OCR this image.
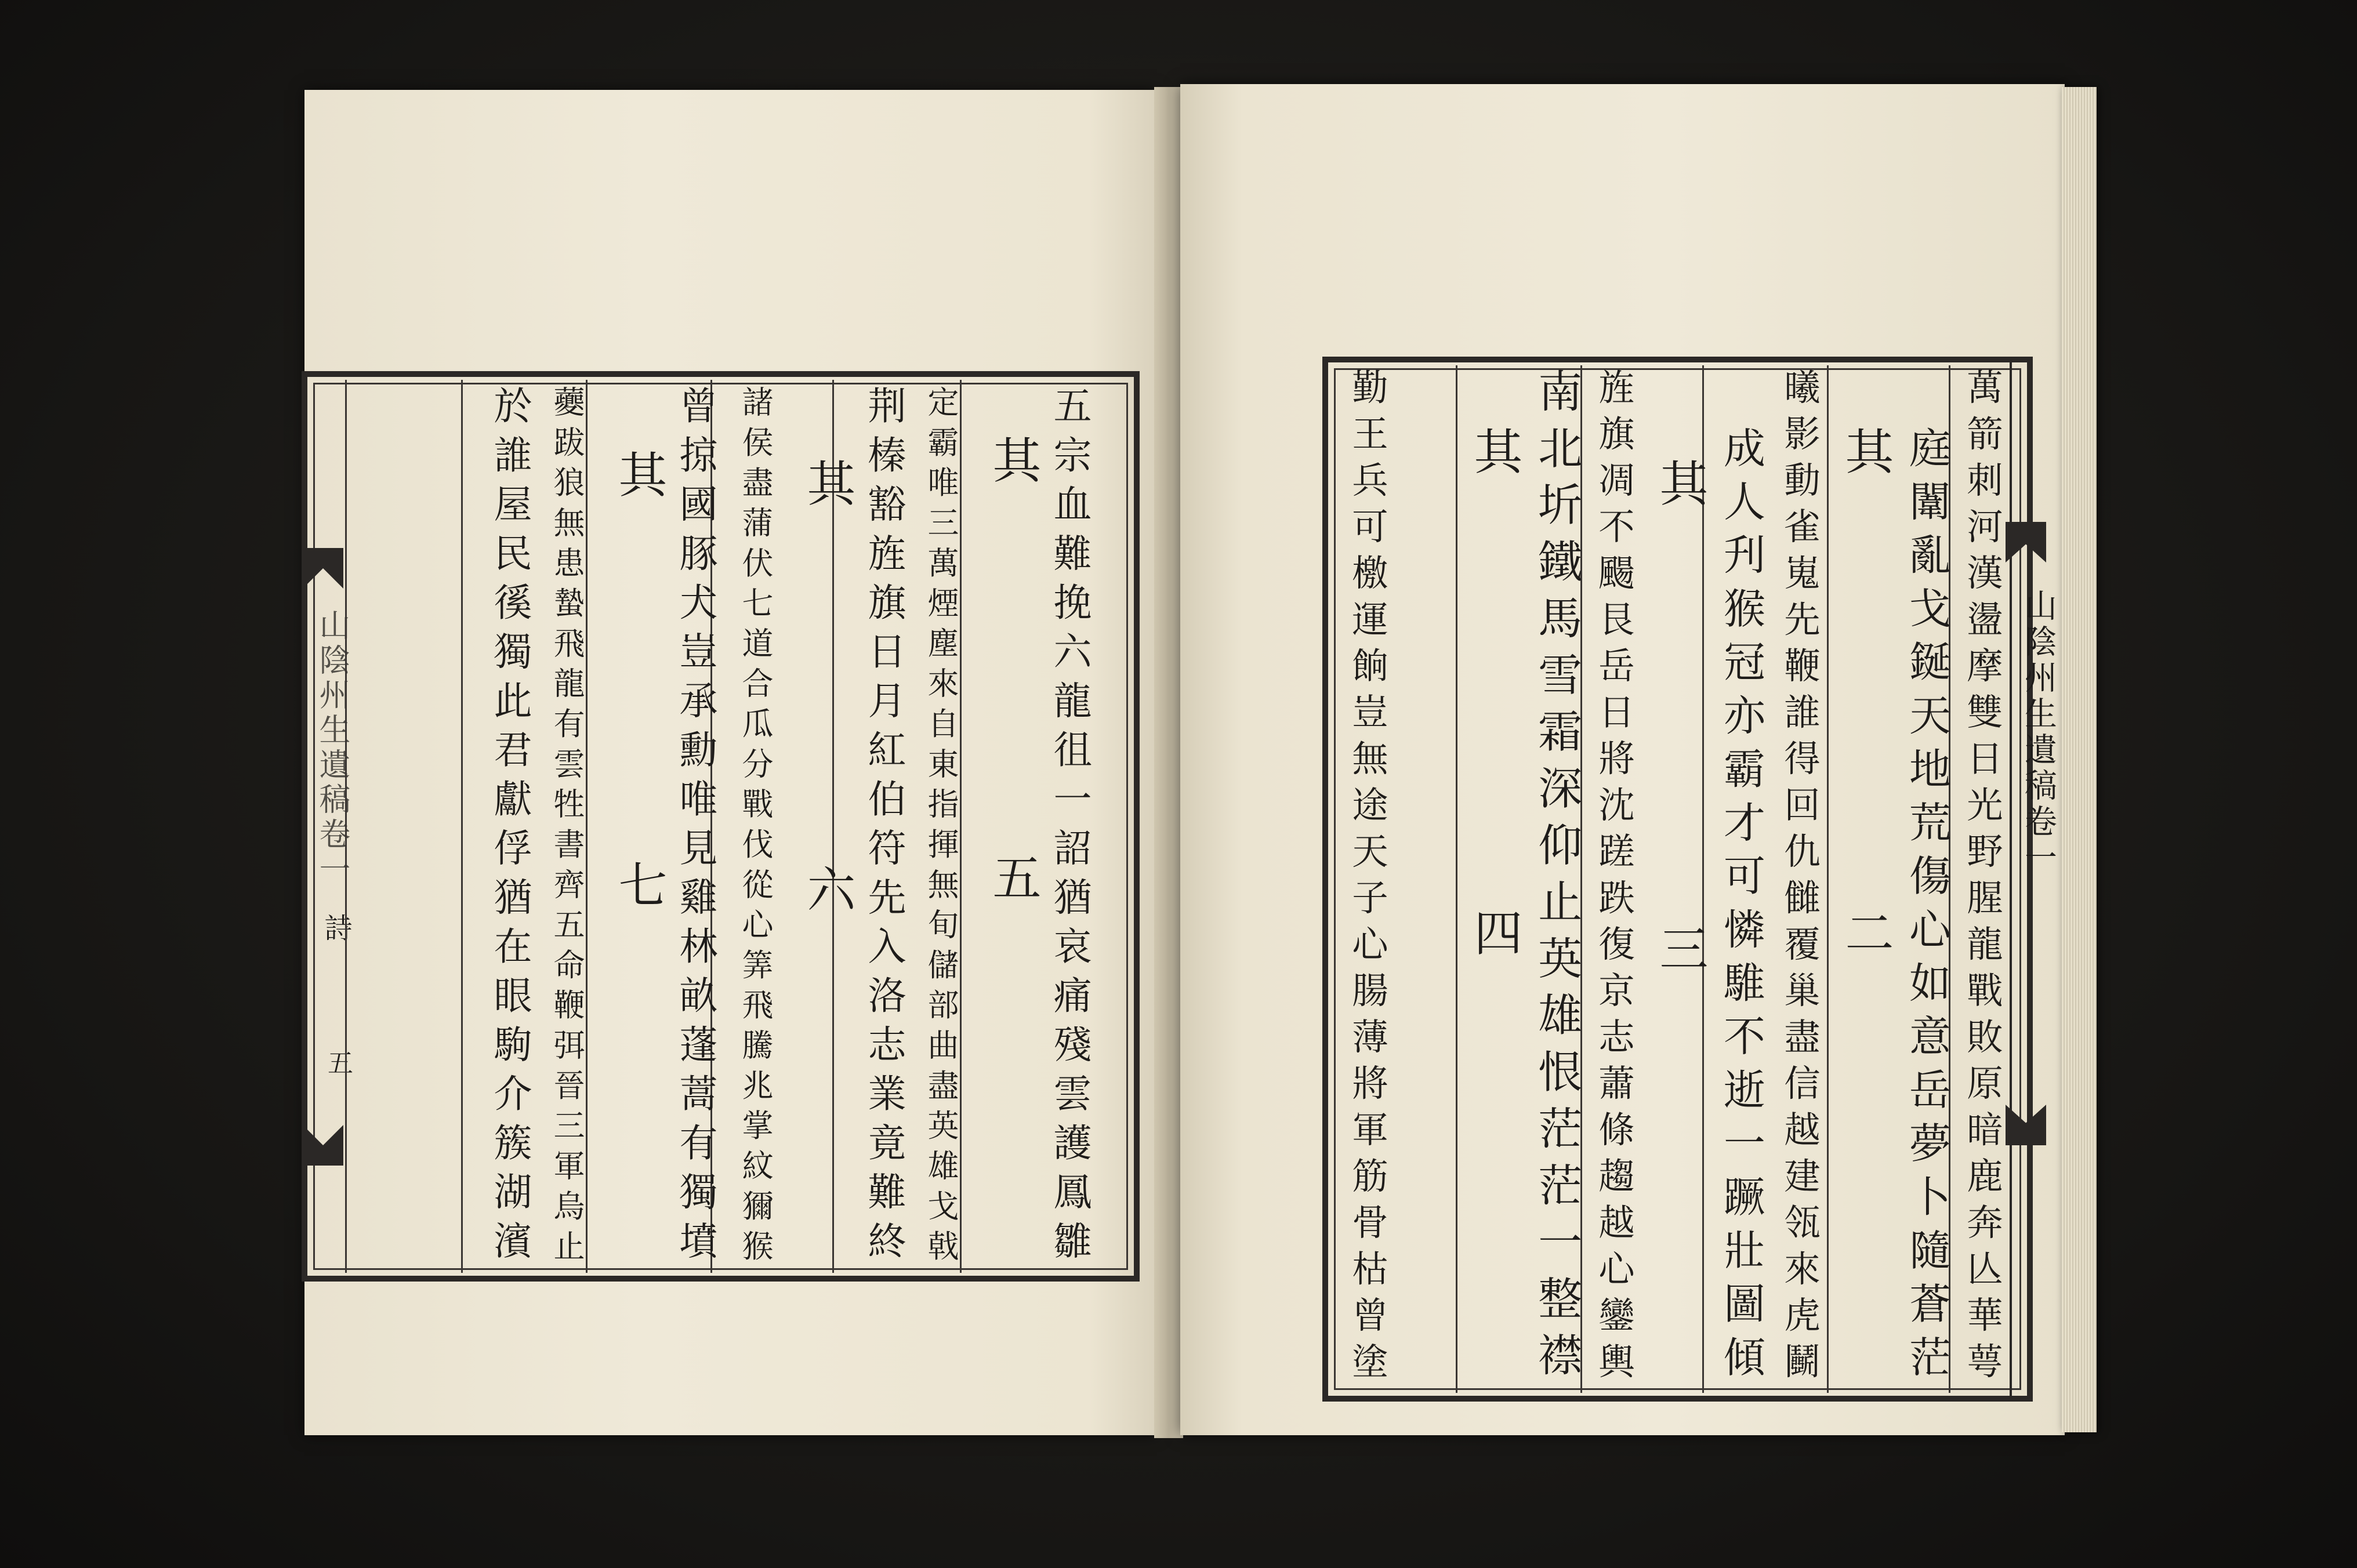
山陰州生遺稿卷一
詩
五	五宗血難挽六龍徂一詔猶哀痛殘雲護鳳雛
其五
定霸唯三萬煙塵來自東指揮無旬儲部曲盡英雄戈戟
荆榛豁旌旗日月紅伯符先入洛志業竟難終
其六
諸侯盡蒲伏七道合瓜分戰伐從心筭飛騰兆掌紋獮猴
曾掠國豚犬豈承勳唯見雞林畝蓬蒿有獨墳
其七
虁跋狼無患蟄飛龍有雲牲書齊五命鞭弭晉三軍烏止
於誰屋民徯獨此君獻俘猶在眼駒介簇湖濱	山陰州生遺稿卷一
萬箭刺河漢盪摩雙日光野腥龍戰敗原暗鹿奔亾華萼
庭闈亂戈鋋天地荒傷心如意岳夢卜隨蒼茫
其二
曦影動雀嵬先鞭誰得回仇雠覆巢盡信越建瓴來虎鬭
成人刋猴冠亦霸才可憐騅不逝一蹶壯圖傾
其三
旌旗凋不颺艮岳日將沈蹉跌復京志蕭條趨越心鑾輿
南北圻鐵馬雪霜深仰止英雄恨茫茫一整襟
其四
勤王兵可檄運餉豈無途天子心腸薄將軍筋骨枯曾塗
